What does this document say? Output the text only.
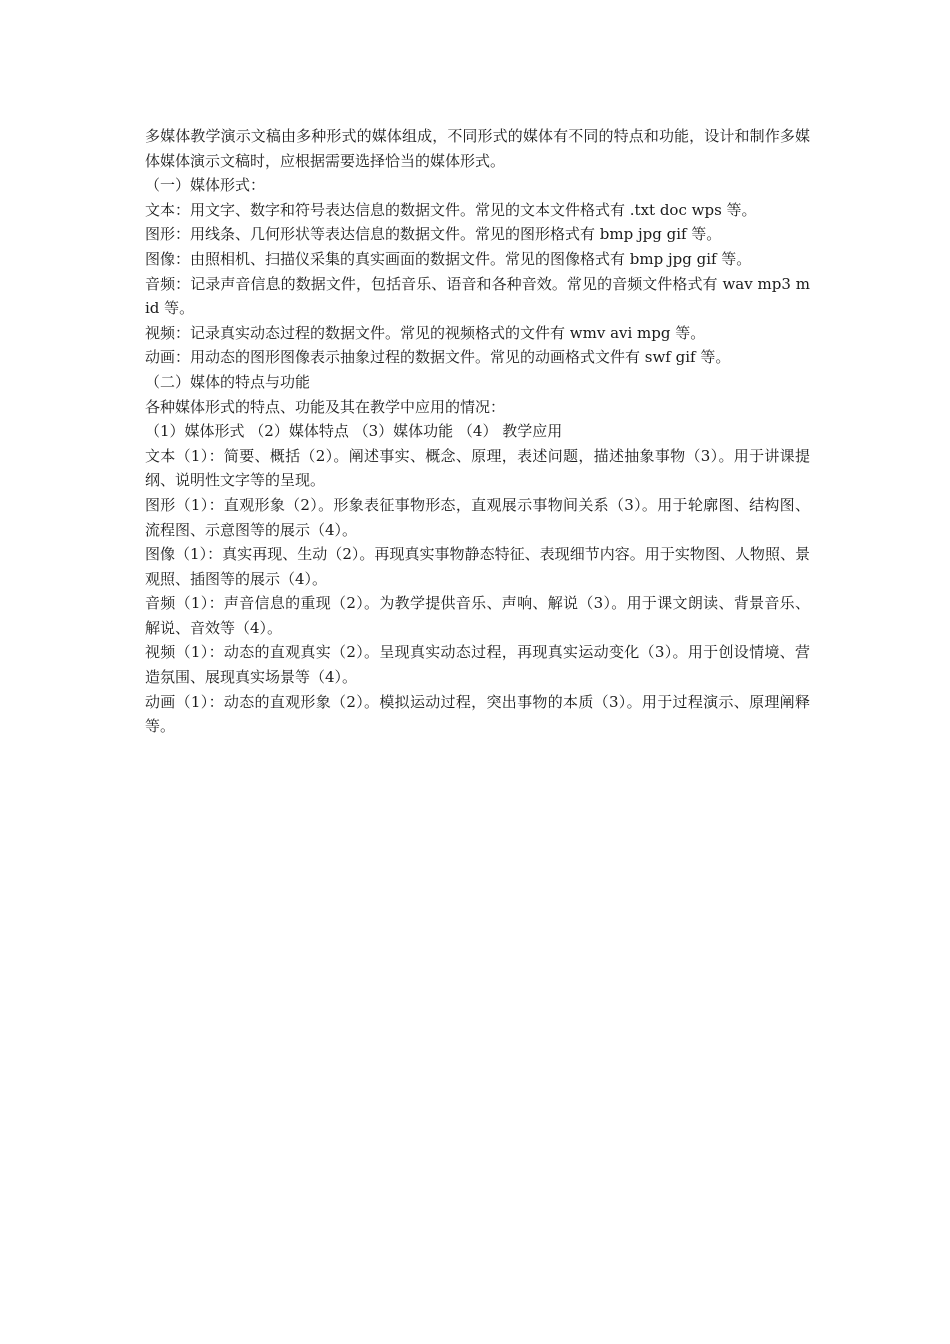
多媒体教学演示文稿由多种形式的媒体组成，不同形式的媒体有不同的特点和功能，设计和制作多媒体媒体演示文稿时，应根据需要选择恰当的媒体形式。

（一）媒体形式：

文本：用文字、数字和符号表达信息的数据文件。常见的文本文件格式有 .txt doc wps 等。

图形：用线条、几何形状等表达信息的数据文件。常见的图形格式有 bmp jpg gif 等。

图像：由照相机、扫描仪采集的真实画面的数据文件。常见的图像格式有 bmp jpg gif 等。

音频：记录声音信息的数据文件，包括音乐、语音和各种音效。常见的音频文件格式有 wav mp3 mid 等。

视频：记录真实动态过程的数据文件。常见的视频格式的文件有 wmv avi mpg 等。

动画：用动态的图形图像表示抽象过程的数据文件。常见的动画格式文件有 swf gif 等。

（二）媒体的特点与功能

各种媒体形式的特点、功能及其在教学中应用的情况：

（1）媒体形式 （2）媒体特点 （3）媒体功能 （4） 教学应用

文本（1）：简要、概括（2）。阐述事实、概念、原理，表述问题，描述抽象事物（3）。用于讲课提纲、说明性文字等的呈现。

图形（1）：直观形象（2）。形象表征事物形态，直观展示事物间关系（3）。用于轮廓图、结构图、流程图、示意图等的展示（4）。

图像（1）：真实再现、生动（2）。再现真实事物静态特征、表现细节内容。用于实物图、人物照、景观照、插图等的展示（4）。

音频（1）：声音信息的重现（2）。为教学提供音乐、声响、解说（3）。用于课文朗读、背景音乐、解说、音效等（4）。

视频（1）：动态的直观真实（2）。呈现真实动态过程，再现真实运动变化（3）。用于创设情境、营造氛围、展现真实场景等（4）。

动画（1）：动态的直观形象（2）。模拟运动过程，突出事物的本质（3）。用于过程演示、原理阐释等。
